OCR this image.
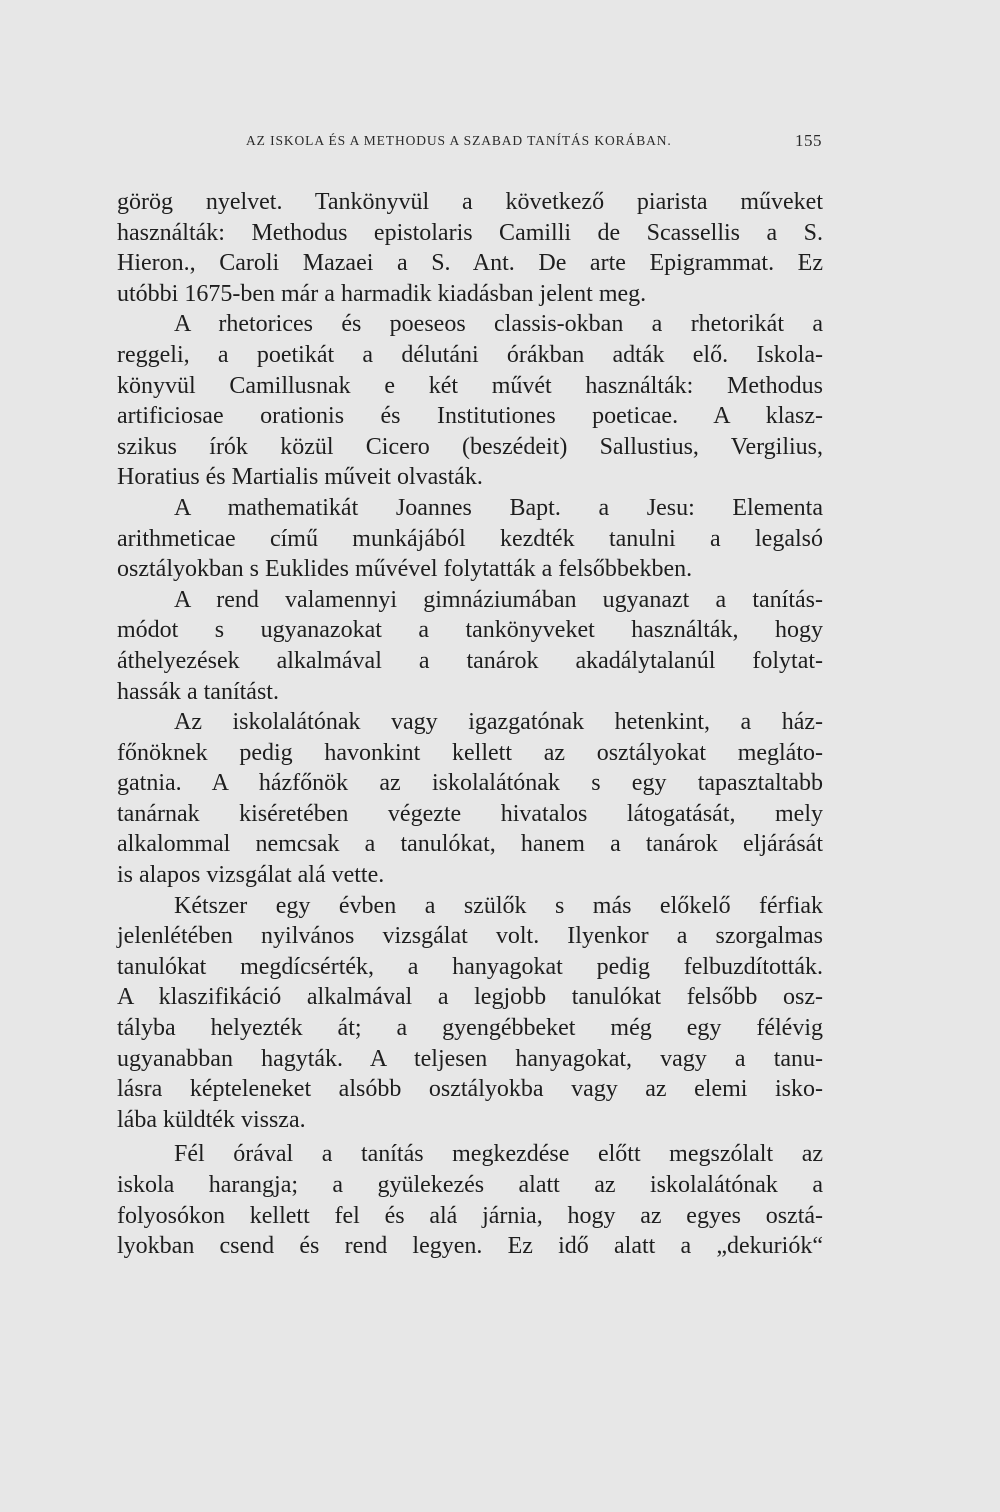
AZ ISKOLA ÉS A METHODUS A SZABAD TANÍTÁS KORÁBAN.	155
görög nyelvet. Tankönyvül a következő piarista műveket
használták: Methodus epistolaris Camilli de Scassellis a S.
Hieron., Caroli Mazaei a S. Ant. De arte Epigrammat. Ez
utóbbi 1675-ben már a harmadik kiadásban jelent meg.
A rhetorices és poeseos classis-okban a rhetorikát a
reggeli, a poetikát a délutáni órákban adták elő. Iskola-
könyvül Camillusnak e két művét használták: Methodus
artificiosae orationis és Institutiones poeticae. A klasz-
szikus írók közül Cicero (beszédeit) Sallustius, Vergilius,
Horatius és Martialis műveit olvasták.
A mathematikát Joannes Bapt. a Jesu: Elementa
arithmeticae című munkájából kezdték tanulni a legalsó
osztályokban s Euklides művével folytatták a felsőbbekben.
A rend valamennyi gimnáziumában ugyanazt a tanítás-
módot s ugyanazokat a tankönyveket használták, hogy
áthelyezések alkalmával a tanárok akadálytalanúl folytat-
hassák a tanítást.
Az iskolalátónak vagy igazgatónak hetenkint, a ház-
főnöknek pedig havonkint kellett az osztályokat meglátо-
gatnia. A házfőnök az iskolalátónak s egy tapasztaltabb
tanárnak kiséretében végezte hivatalos látogatását, mely
alkalommal nemcsak a tanulókat, hanem a tanárok eljárását
is alapos vizsgálat alá vette.
Kétszer egy évben a szülők s más előkelő férfiak
jelenlétében nyilvános vizsgálat volt. Ilyenkor a szorgalmas
tanulókat megdícsérték, a hanyagokat pedig felbuzdították.
A klaszifikáció alkalmával a legjobb tanulókat felsőbb osz-
tályba helyezték át; a gyengébbeket még egy félévig
ugyanabban hagyták. A teljesen hanyagokat, vagy a tanu-
lásra képteleneket alsóbb osztályokba vagy az elemi isko-
lába küldték vissza.
Fél órával a tanítás megkezdése előtt megszólalt az
iskola harangja; a gyülekezés alatt az iskolalátónak a
folyosókon kellett fel és alá járnia, hogy az egyes osztá-
lyokban csend és rend legyen. Ez idő alatt a „dekuriók“
